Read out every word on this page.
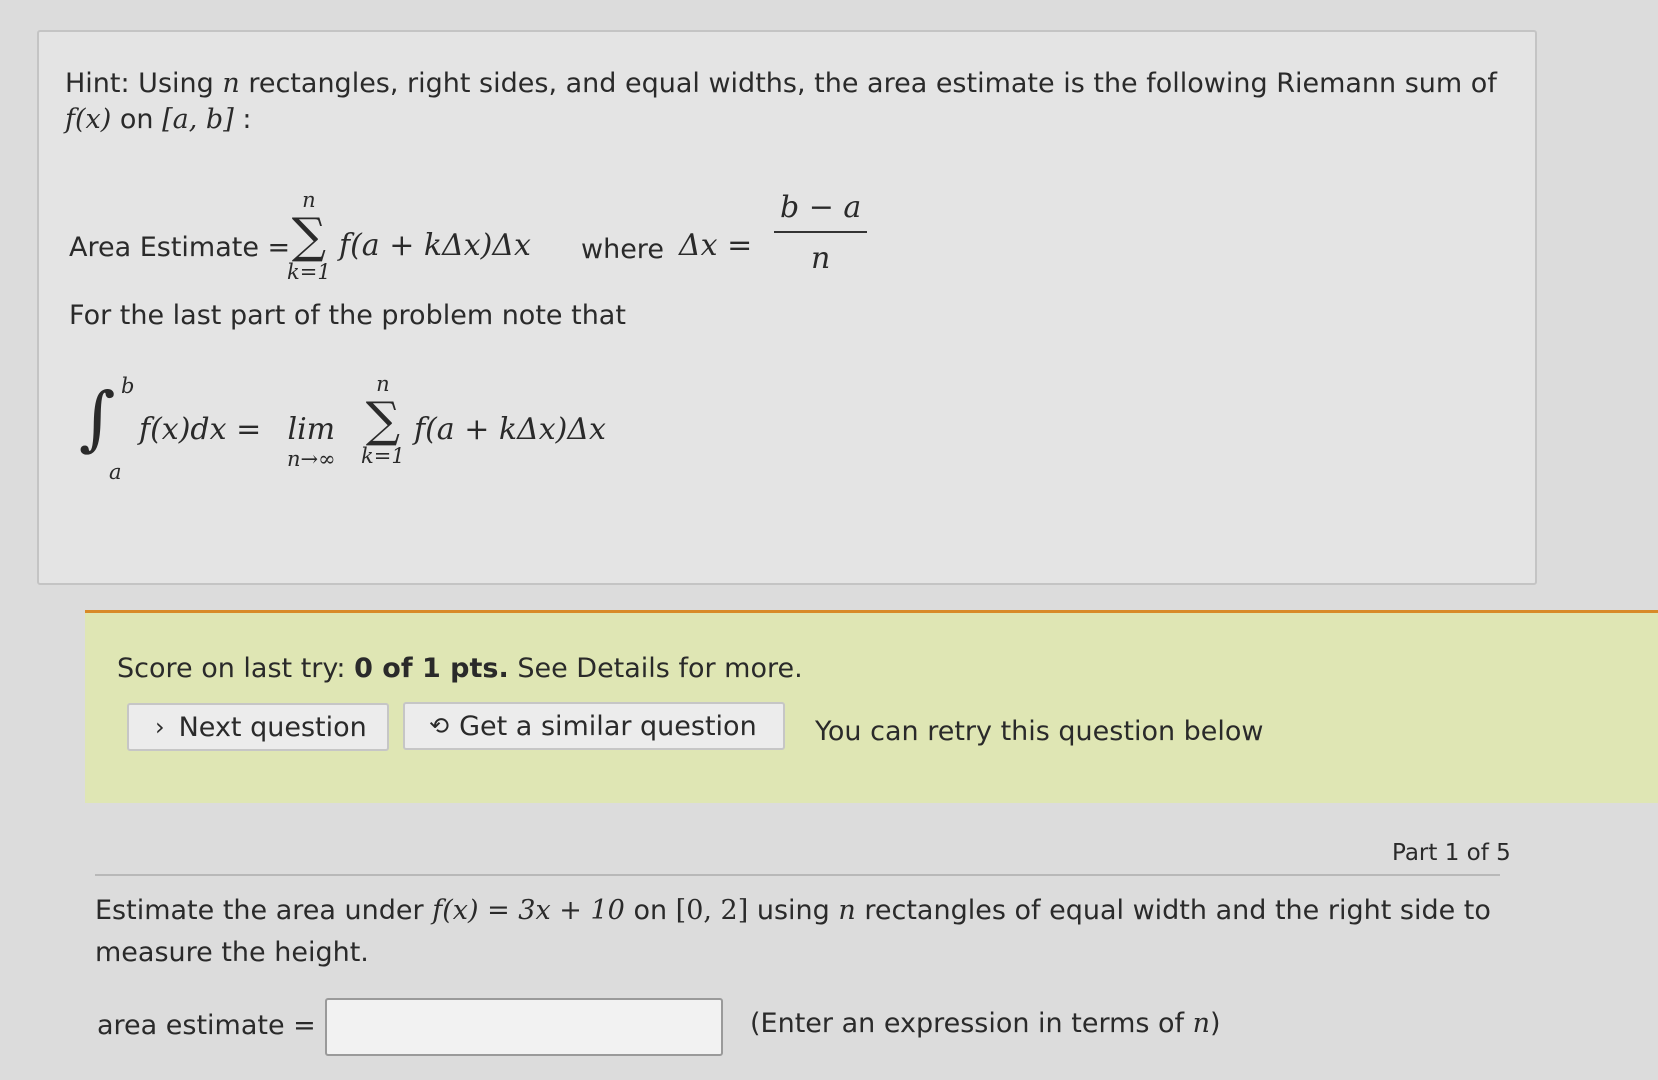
Hint: Using n rectangles, right sides, and equal widths, the area estimate is the following Riemann sum of f(x) on [a, b] :
Area Estimate =
n
∑
k=1
f(a + kΔx)Δx where $\Delta x = \frac{b - a}{n}$
For the last part of the problem note that
∫ b
a
f(x)dx = lim
n→∞
n
∑
k=1
f(a + kΔx)Δx
Score on last try: 0 of 1 pts. See Details for more.
› Next question	⟲ Get a similar question You can retry this question below
Part 1 of 5
Estimate the area under f(x) = 3x + 10 on [0, 2] using n rectangles of equal width and the right side to measure the height.
area estimate =	(Enter an expression in terms of n)
